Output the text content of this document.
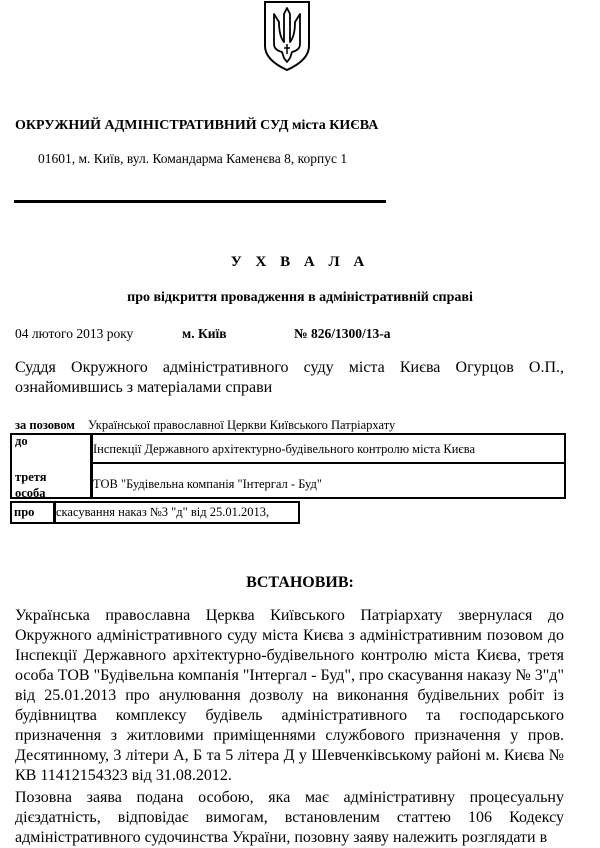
ОКРУЖНИЙ АДМІНІСТРАТИВНИЙ СУД міста КИЄВА
01601, м. Київ, вул. Командарма Каменєва 8, корпус 1
У Х В А Л А
про відкриття провадження в адміністративній справі
04 лютого 2013 року	м. Київ	№ 826/1300/13-а
Суддя Окружного адміністративного суду міста Києва Огурцов О.П., ознайомившись з матеріалами справи
за позовом Української православної Церкви Київського Патріархату
до
Інспекції Державного архітектурно-будівельного контролю міста Києва
третя особа
ТОВ "Будівельна компанія "Інтергал - Буд"
про скасування наказ №3 "д" від 25.01.2013,
ВСТАНОВИВ:
Українська православна Церква Київського Патріархату звернулася до Окружного адміністративного суду міста Києва з адміністративним позовом до Інспекції Державного архітектурно-будівельного контролю міста Києва, третя особа ТОВ "Будівельна компанія "Інтергал - Буд", про скасування наказу № 3"д" від 25.01.2013 про анулювання дозволу на виконання будівельних робіт із будівництва комплексу будівель адміністративного та господарського призначення з житловими приміщеннями службового призначення у пров. Десятинному, 3 літери А, Б та 5 літера Д у Шевченківському районі м. Києва № КВ 11412154323 від 31.08.2012.
Позовна заява подана особою, яка має адміністративну процесуальну дієздатність, відповідає вимогам, встановленим статтею 106 Кодексу адміністративного судочинства України, позовну заяву належить розглядати в
